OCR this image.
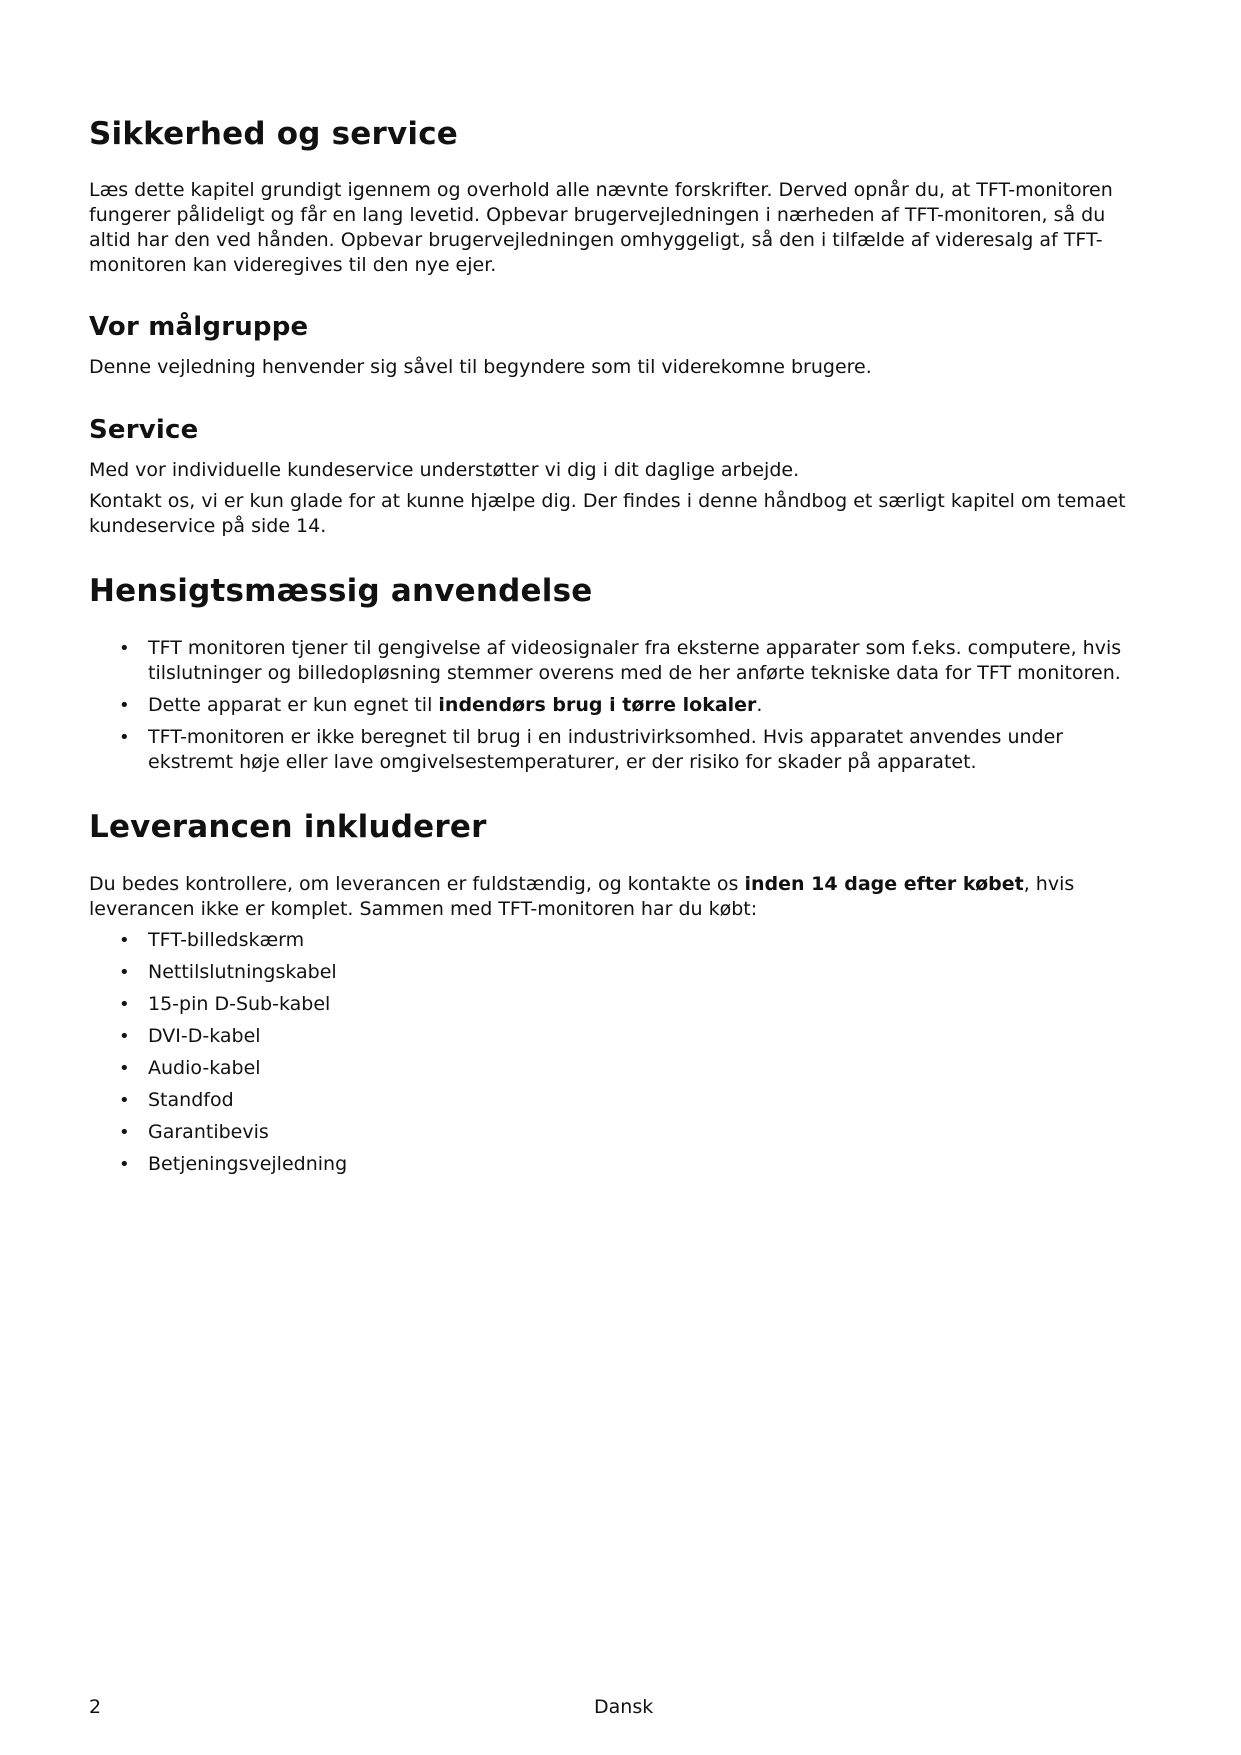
Sikkerhed og service

Læs dette kapitel grundigt igennem og overhold alle nævnte forskrifter. Derved opnår du, at TFT-monitoren fungerer pålideligt og får en lang levetid. Opbevar brugervejledningen i nærheden af TFT-monitoren, så du altid har den ved hånden. Opbevar brugervejledningen omhyggeligt, så den i tilfælde af videresalg af TFT-monitoren kan videregives til den nye ejer.

Vor målgruppe

Denne vejledning henvender sig såvel til begyndere som til viderekomne brugere.

Service

Med vor individuelle kundeservice understøtter vi dig i dit daglige arbejde.

Kontakt os, vi er kun glade for at kunne hjælpe dig. Der findes i denne håndbog et særligt kapitel om temaet kundeservice på side 14.

Hensigtsmæssig anvendelse
• TFT monitoren tjener til gengivelse af videosignaler fra eksterne apparater som f.eks. computere, hvis tilslutninger og billedopløsning stemmer overens med de her anførte tekniske data for TFT monitoren.
• Dette apparat er kun egnet til indendørs brug i tørre lokaler.
• TFT-monitoren er ikke beregnet til brug i en industrivirksomhed. Hvis apparatet anvendes under ekstremt høje eller lave omgivelsestemperaturer, er der risiko for skader på apparatet.
Leverancen inkluderer

Du bedes kontrollere, om leverancen er fuldstændig, og kontakte os inden 14 dage efter købet, hvis leverancen ikke er komplet. Sammen med TFT-monitoren har du købt:

• TFT-billedskærm
• Nettilslutningskabel
• 15-pin D-Sub-kabel
• DVI-D-kabel
• Audio-kabel
• Standfod
• Garantibevis
• Betjeningsvejledning
2	Dansk
